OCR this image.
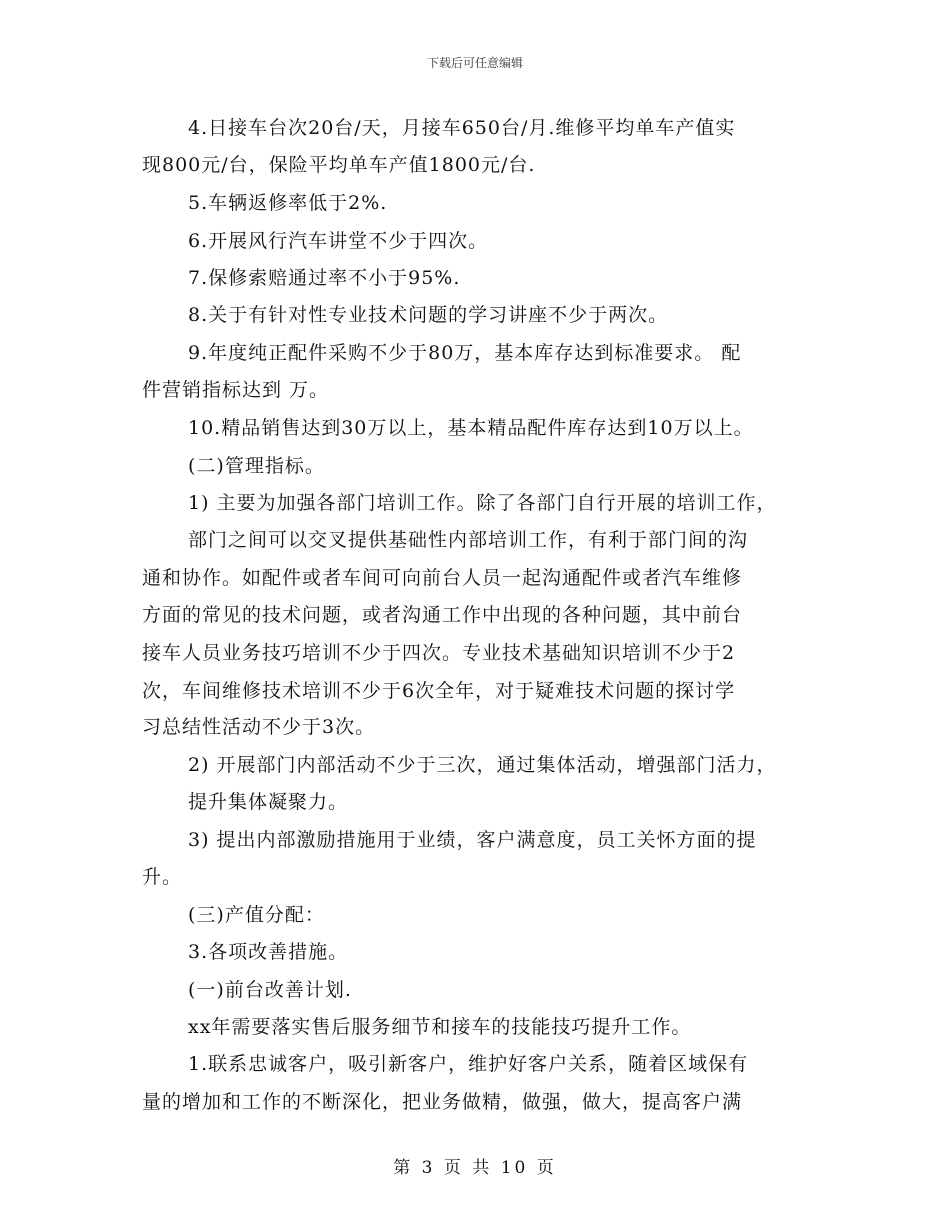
下载后可任意编辑
4.日接车台次20台/天，月接车650台/月.维修平均单车产值实
现800元/台，保险平均单车产值1800元/台.
5.车辆返修率低于2%.
6.开展风行汽车讲堂不少于四次。
7.保修索赔通过率不小于95%.
8.关于有针对性专业技术问题的学习讲座不少于两次。
9.年度纯正配件采购不少于80万，基本库存达到标准要求。 配
件营销指标达到 万。
10.精品销售达到30万以上，基本精品配件库存达到10万以上。
(二)管理指标。
1) 主要为加强各部门培训工作。除了各部门自行开展的培训工作，
部门之间可以交叉提供基础性内部培训工作，有利于部门间的沟
通和协作。如配件或者车间可向前台人员一起沟通配件或者汽车维修
方面的常见的技术问题，或者沟通工作中出现的各种问题，其中前台
接车人员业务技巧培训不少于四次。专业技术基础知识培训不少于2
次，车间维修技术培训不少于6次全年，对于疑难技术问题的探讨学
习总结性活动不少于3次。
2) 开展部门内部活动不少于三次，通过集体活动，增强部门活力，
提升集体凝聚力。
3) 提出内部激励措施用于业绩，客户满意度，员工关怀方面的提
升。
(三)产值分配：
3.各项改善措施。
(一)前台改善计划.
xx年需要落实售后服务细节和接车的技能技巧提升工作。
1.联系忠诚客户，吸引新客户，维护好客户关系，随着区域保有
量的增加和工作的不断深化，把业务做精，做强，做大，提高客户满
第 3 页 共 10 页
